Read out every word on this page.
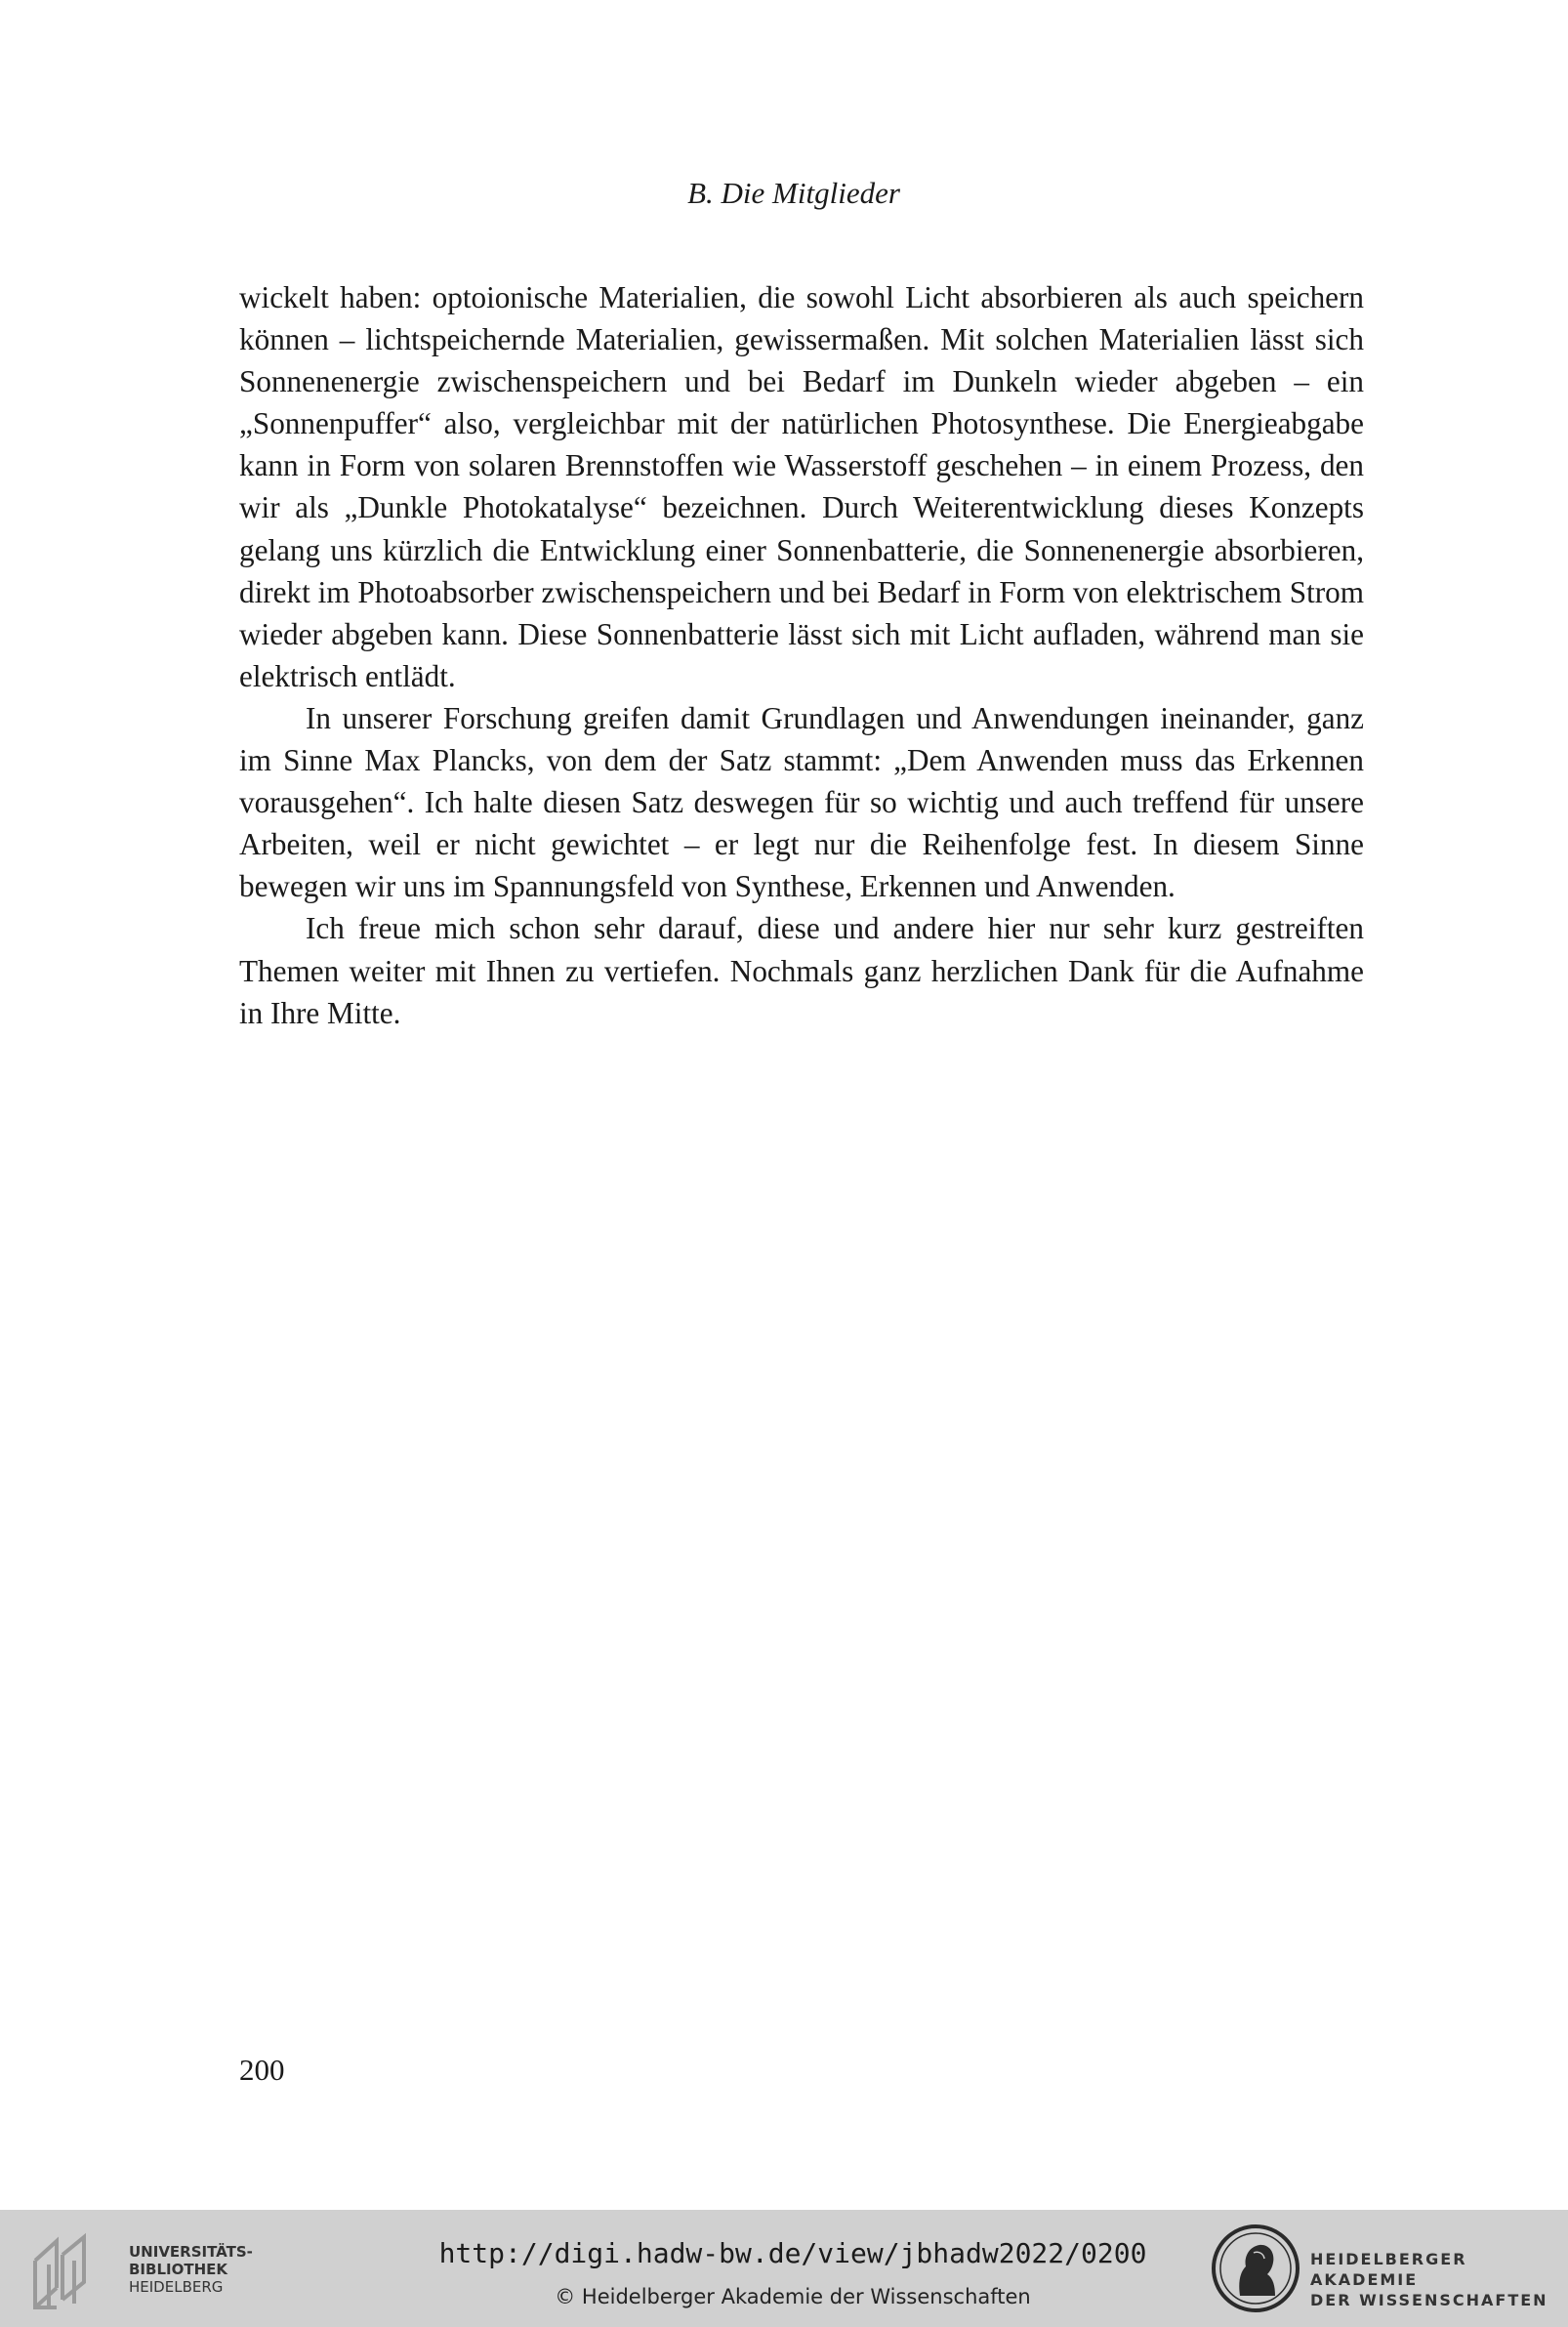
B. Die Mitglieder

wickelt haben: optoionische Materialien, die sowohl Licht absorbieren als auch speichern können – lichtspeichernde Materialien, gewissermaßen. Mit solchen Materialien lässt sich Sonnenenergie zwischenspeichern und bei Bedarf im Dunkeln wieder abgeben – ein „Sonnenpuffer“ also, vergleichbar mit der natürlichen Photosynthese. Die Energieabgabe kann in Form von solaren Brennstoffen wie Wasserstoff geschehen – in einem Prozess, den wir als „Dunkle Photokatalyse“ bezeichnen. Durch Weiterentwicklung dieses Konzepts gelang uns kürzlich die Entwicklung einer Sonnenbatterie, die Sonnenenergie absorbieren, direkt im Photoabsorber zwischenspeichern und bei Bedarf in Form von elektrischem Strom wieder abgeben kann. Diese Sonnenbatterie lässt sich mit Licht aufladen, während man sie elektrisch entlädt.

In unserer Forschung greifen damit Grundlagen und Anwendungen ineinander, ganz im Sinne Max Plancks, von dem der Satz stammt: „Dem Anwenden muss das Erkennen vorausgehen“. Ich halte diesen Satz deswegen für so wichtig und auch treffend für unsere Arbeiten, weil er nicht gewichtet – er legt nur die Reihenfolge fest. In diesem Sinne bewegen wir uns im Spannungsfeld von Synthese, Erkennen und Anwenden.

Ich freue mich schon sehr darauf, diese und andere hier nur sehr kurz gestreiften Themen weiter mit Ihnen zu vertiefen. Nochmals ganz herzlichen Dank für die Aufnahme in Ihre Mitte.

200
UNIVERSITÄTS-
BIBLIOTHEK
HEIDELBERG
http://digi.hadw-bw.de/view/jbhadw2022/0200
© Heidelberger Akademie der Wissenschaften
HEIDELBERGER AKADEMIE
DER WISSENSCHAFTEN
